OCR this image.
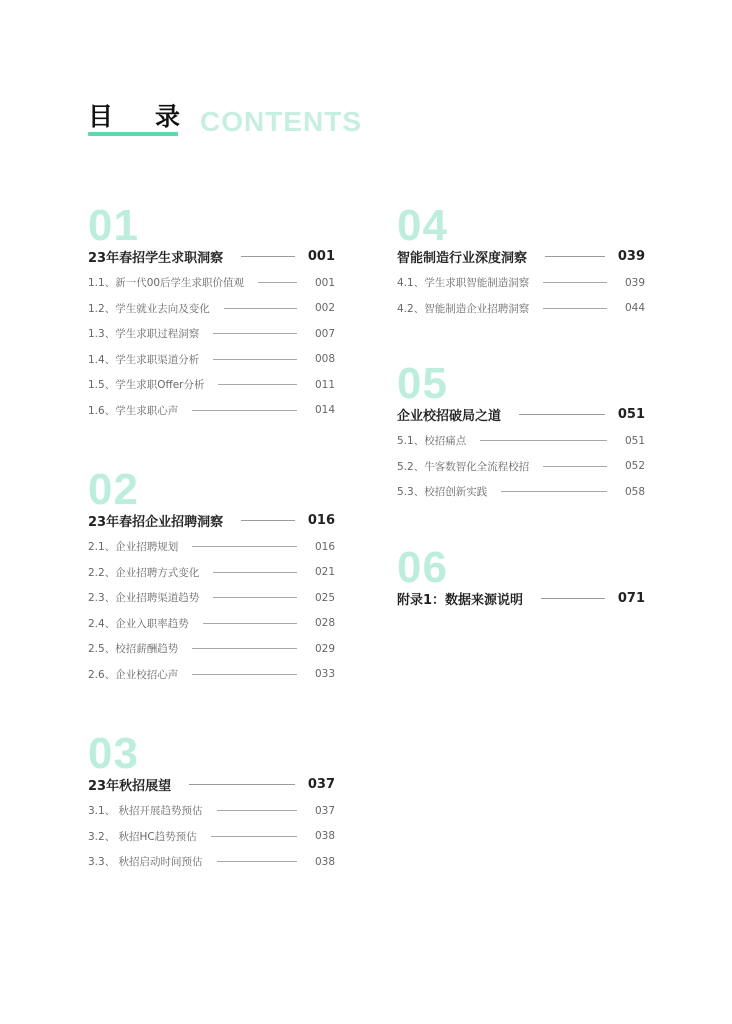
目录
CONTENTS
01
23年春招学生求职洞察	001
1.1、新一代00后学生求职价值观	001
1.2、学生就业去向及变化	002
1.3、学生求职过程洞察	007
1.4、学生求职渠道分析	008
1.5、学生求职Offer分析	011
1.6、学生求职心声	014
02
23年春招企业招聘洞察	016
2.1、企业招聘规划	016
2.2、企业招聘方式变化	021
2.3、企业招聘渠道趋势	025
2.4、企业入职率趋势	028
2.5、校招薪酬趋势	029
2.6、企业校招心声	033
03
23年秋招展望	037
3.1、 秋招开展趋势预估	037
3.2、 秋招HC趋势预估	038
3.3、 秋招启动时间预估	038
04
智能制造行业深度洞察	039
4.1、学生求职智能制造洞察	039
4.2、智能制造企业招聘洞察	044
05
企业校招破局之道	051
5.1、校招痛点	051
5.2、牛客数智化全流程校招	052
5.3、校招创新实践	058
06
附录1：数据来源说明	071
